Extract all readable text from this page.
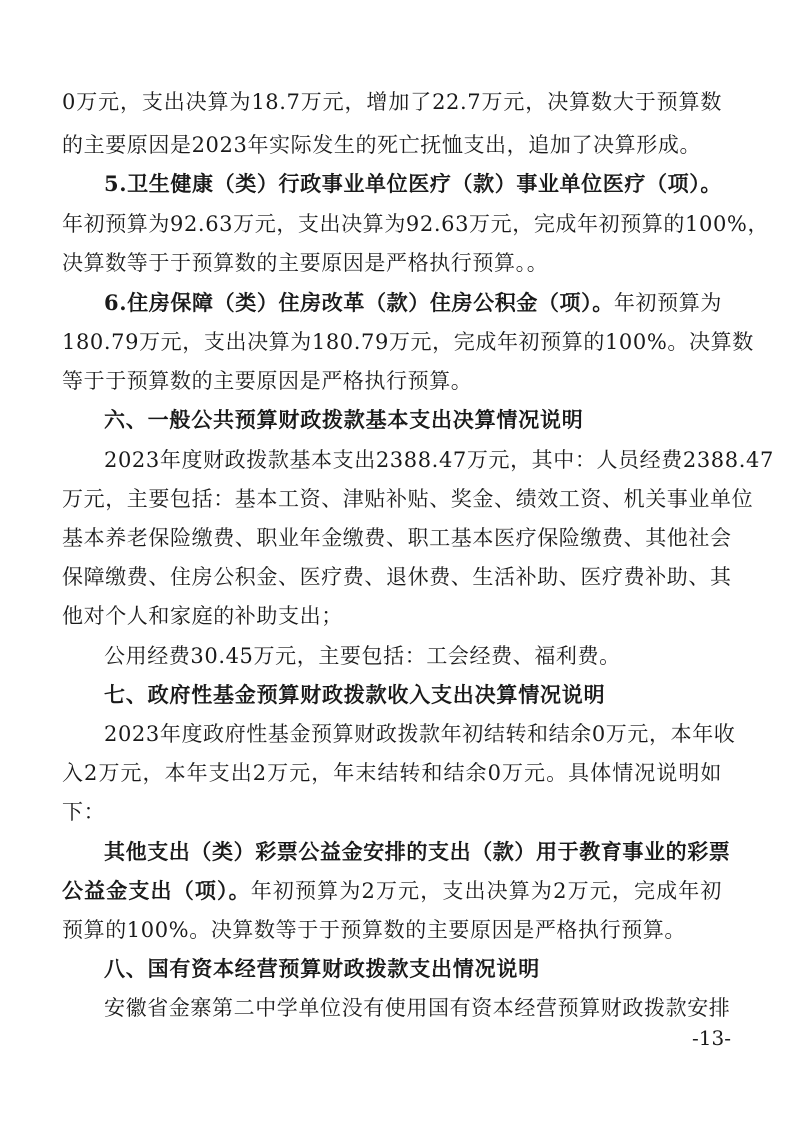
0万元，支出决算为18.7万元，增加了22.7万元，决算数大于预算数
的主要原因是2023年实际发生的死亡抚恤支出，追加了决算形成。
5.卫生健康（类）行政事业单位医疗（款）事业单位医疗（项）。
年初预算为92.63万元，支出决算为92.63万元，完成年初预算的100%，
决算数等于于预算数的主要原因是严格执行预算。。
6.住房保障（类）住房改革（款）住房公积金（项）。年初预算为
180.79万元，支出决算为180.79万元，完成年初预算的100%。决算数
等于于预算数的主要原因是严格执行预算。
六、一般公共预算财政拨款基本支出决算情况说明
2023年度财政拨款基本支出2388.47万元，其中：人员经费2388.47
万元，主要包括：基本工资、津贴补贴、奖金、绩效工资、机关事业单位
基本养老保险缴费、职业年金缴费、职工基本医疗保险缴费、其他社会
保障缴费、住房公积金、医疗费、退休费、生活补助、医疗费补助、其
他对个人和家庭的补助支出；
公用经费30.45万元，主要包括：工会经费、福利费。
七、政府性基金预算财政拨款收入支出决算情况说明
2023年度政府性基金预算财政拨款年初结转和结余0万元，本年收
入2万元，本年支出2万元，年末结转和结余0万元。具体情况说明如
下：
其他支出（类）彩票公益金安排的支出（款）用于教育事业的彩票
公益金支出（项）。年初预算为2万元，支出决算为2万元，完成年初
预算的100%。决算数等于于预算数的主要原因是严格执行预算。
八、国有资本经营预算财政拨款支出情况说明
安徽省金寨第二中学单位没有使用国有资本经营预算财政拨款安排
-13-
